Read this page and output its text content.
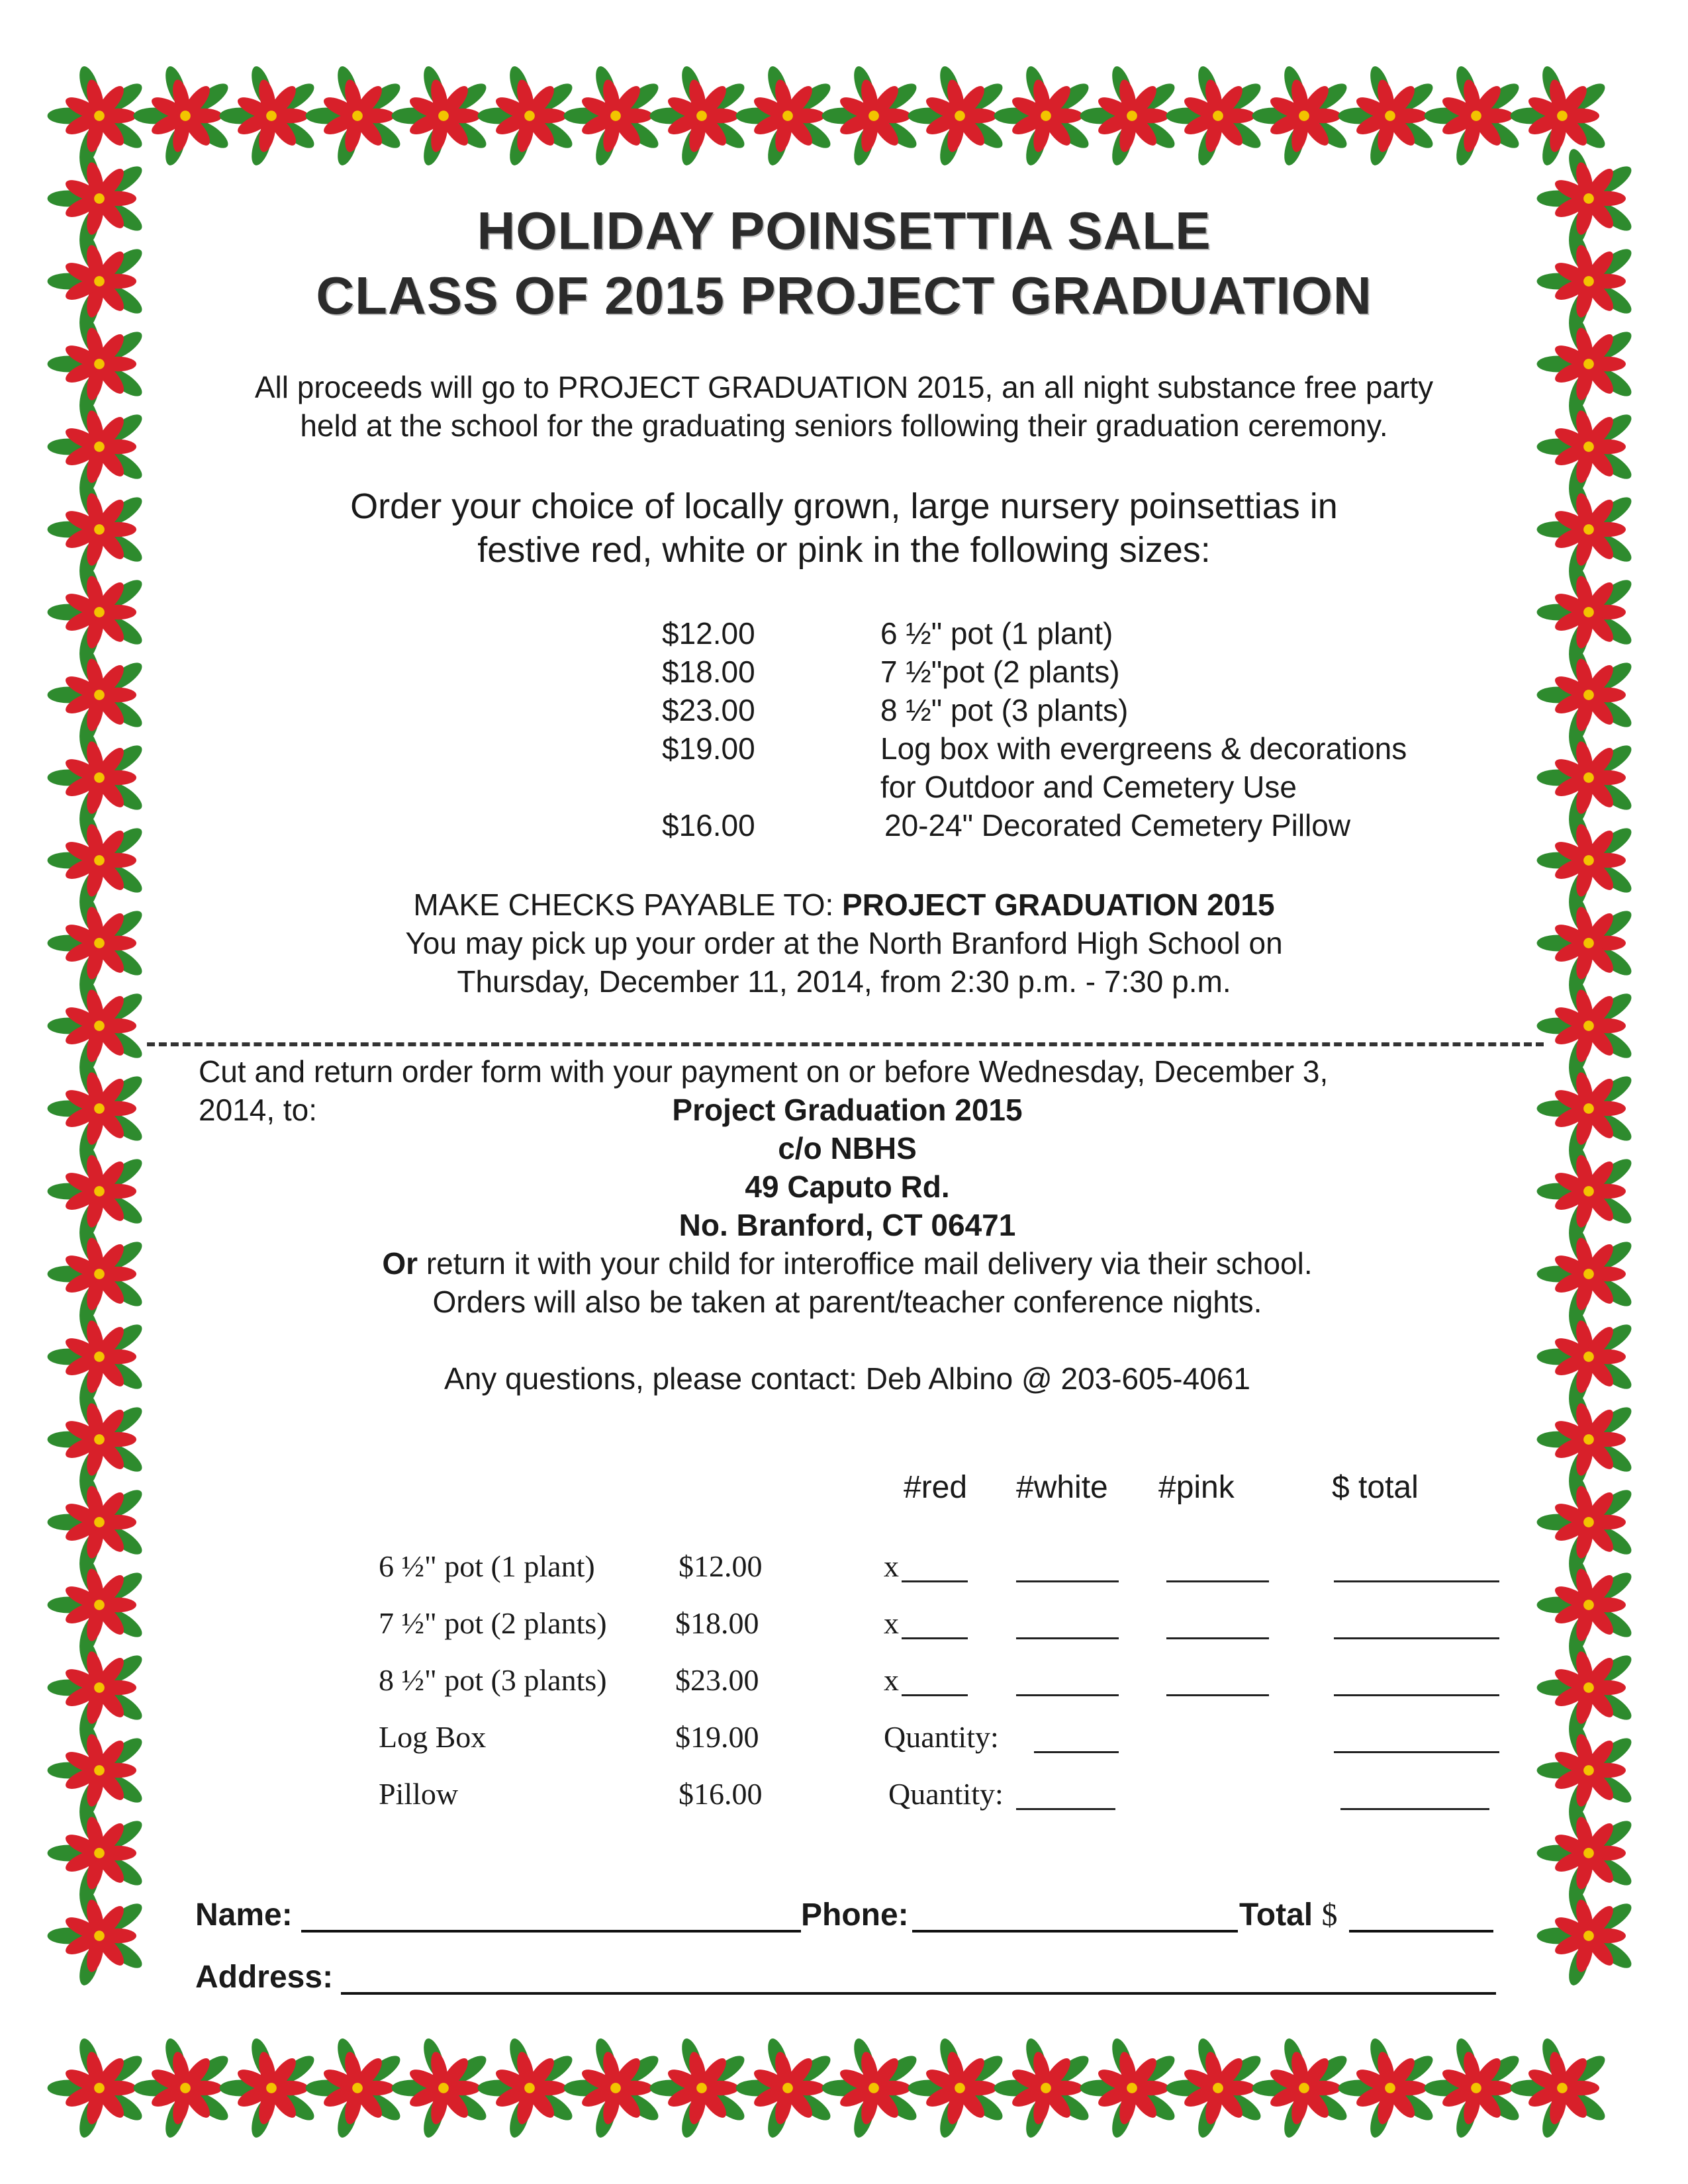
HOLIDAY POINSETTIA SALE
CLASS OF 2015 PROJECT GRADUATION
All proceeds will go to PROJECT GRADUATION 2015, an all night substance free party
held at the school for the graduating seniors following their graduation ceremony.
Order your choice of locally grown, large nursery poinsettias in
festive red, white or pink in the following sizes:
$12.00	6 ½" pot (1 plant)
$18.00	7 ½"pot (2 plants)
$23.00	8 ½" pot (3 plants)
$19.00	Log box with evergreens & decorations
for Outdoor and Cemetery Use
$16.00	20-24" Decorated Cemetery Pillow
MAKE CHECKS PAYABLE TO: PROJECT GRADUATION 2015
You may pick up your order at the North Branford High School on
Thursday, December 11, 2014, from 2:30 p.m. - 7:30 p.m.
Cut and return order form with your payment on or before Wednesday, December 3,
2014, to:	Project Graduation 2015
c/o NBHS
49 Caputo Rd.
No. Branford, CT 06471
Or return it with your child for interoffice mail delivery via their school.
Orders will also be taken at parent/teacher conference nights.
Any questions, please contact: Deb Albino @ 203-605-4061
#red #white #pink	$ total
6 ½" pot (1 plant)	$12.00	x
7 ½" pot (2 plants) $18.00	x
8 ½" pot (3 plants) $23.00	x
Log Box	$19.00	Quantity:
Pillow	$16.00	Quantity:
Name:	Phone:	Total $
Address:
